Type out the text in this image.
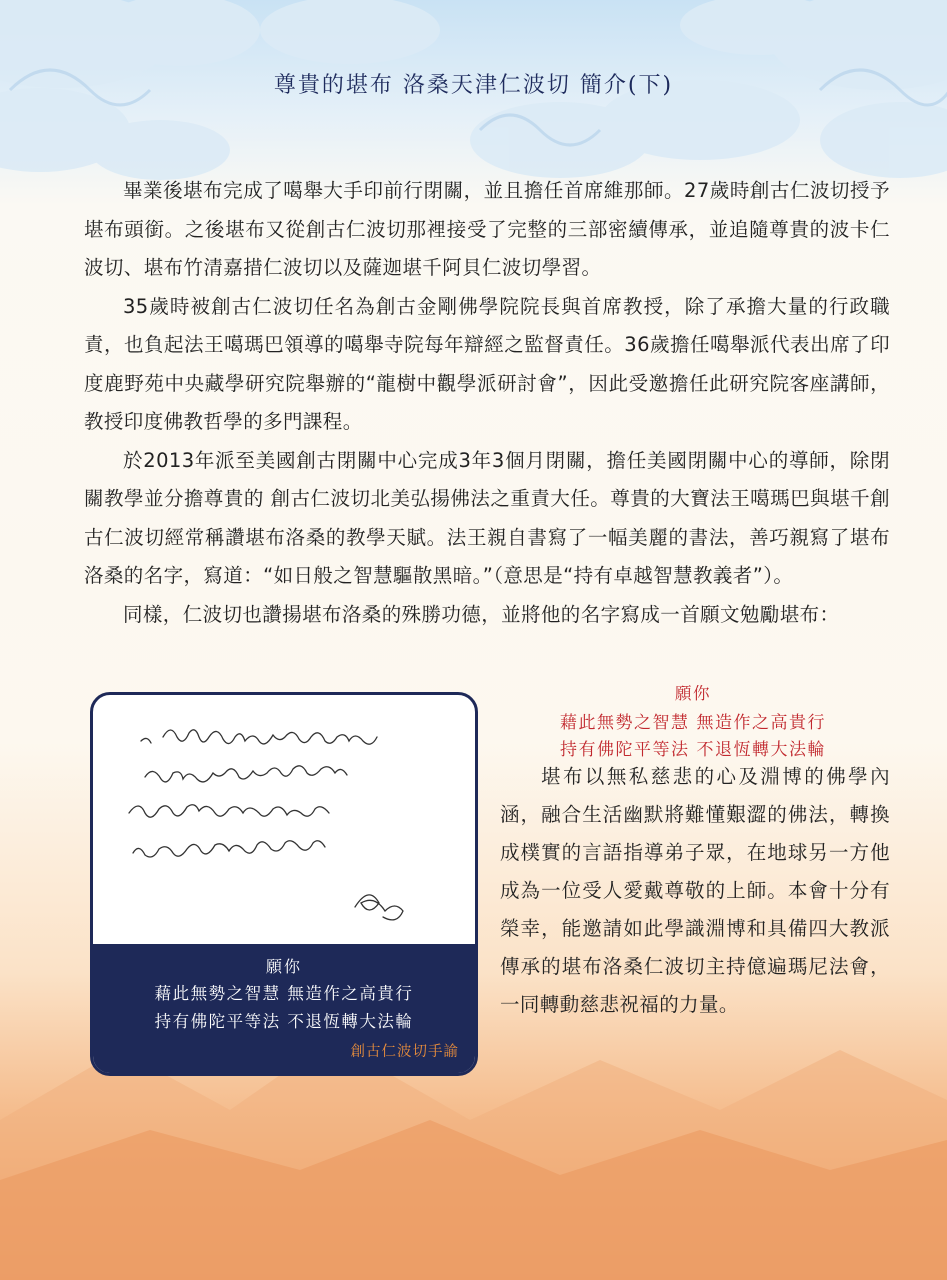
尊貴的堪布 洛桑天津仁波切 簡介(下)

畢業後堪布完成了噶舉大手印前行閉關，並且擔任首席維那師。27歲時創古仁波切授予堪布頭銜。之後堪布又從創古仁波切那裡接受了完整的三部密續傳承，並追隨尊貴的波卡仁波切、堪布竹清嘉措仁波切以及薩迦堪千阿貝仁波切學習。

35歲時被創古仁波切任名為創古金剛佛學院院長與首席教授，除了承擔大量的行政職責，也負起法王噶瑪巴領導的噶舉寺院每年辯經之監督責任。36歲擔任噶舉派代表出席了印度鹿野苑中央藏學研究院舉辦的“龍樹中觀學派研討會”，因此受邀擔任此研究院客座講師，教授印度佛教哲學的多門課程。

於2013年派至美國創古閉關中心完成3年3個月閉關，擔任美國閉關中心的導師，除閉關教學並分擔尊貴的 創古仁波切北美弘揚佛法之重責大任。尊貴的大寶法王噶瑪巴與堪千創古仁波切經常稱讚堪布洛桑的教學天賦。法王親自書寫了一幅美麗的書法，善巧親寫了堪布洛桑的名字，寫道：“如日般之智慧驅散黑暗。”（意思是“持有卓越智慧教義者”）。

同樣，仁波切也讚揚堪布洛桑的殊勝功德，並將他的名字寫成一首願文勉勵堪布：

願你
藉此無勢之智慧 無造作之高貴行
持有佛陀平等法 不退恆轉大法輪
願你
藉此無勢之智慧 無造作之高貴行
持有佛陀平等法 不退恆轉大法輪
創古仁波切手諭

堪布以無私慈悲的心及淵博的佛學內涵，融合生活幽默將難懂艱澀的佛法，轉換成樸實的言語指導弟子眾，在地球另一方他成為一位受人愛戴尊敬的上師。本會十分有榮幸，能邀請如此學識淵博和具備四大教派傳承的堪布洛桑仁波切主持億遍瑪尼法會，一同轉動慈悲祝福的力量。
